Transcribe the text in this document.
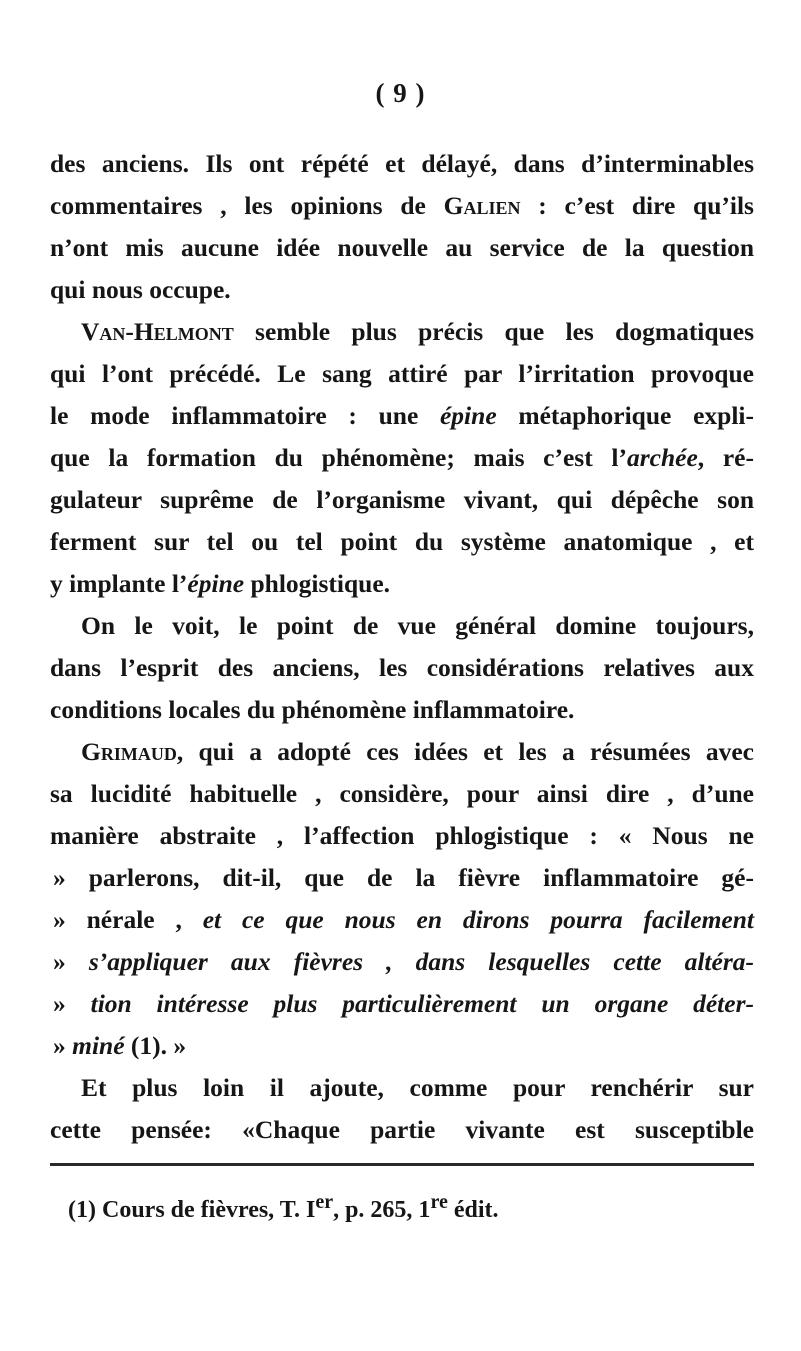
( 9 )
des anciens. Ils ont répété et délayé, dans d’interminables
commentaires , les opinions de Galien : c’est dire qu’ils
n’ont mis aucune idée nouvelle au service de la question
qui nous occupe.
Van-Helmont semble plus précis que les dogmatiques
qui l’ont précédé. Le sang attiré par l’irritation provoque
le mode inflammatoire : une épine métaphorique expli-
que la formation du phénomène; mais c’est l’archée, ré-
gulateur suprême de l’organisme vivant, qui dépêche son
ferment sur tel ou tel point du système anatomique , et
y implante l’épine phlogistique.
On le voit, le point de vue général domine toujours,
dans l’esprit des anciens, les considérations relatives aux
conditions locales du phénomène inflammatoire.
Grimaud, qui a adopté ces idées et les a résumées avec
sa lucidité habituelle , considère, pour ainsi dire , d’une
manière abstraite , l’affection phlogistique : « Nous ne
» parlerons, dit-il, que de la fièvre inflammatoire gé-
» nérale , et ce que nous en dirons pourra facilement
» s’appliquer aux fièvres , dans lesquelles cette altéra-
» tion intéresse plus particulièrement un organe déter-
» miné (1). »
Et plus loin il ajoute, comme pour renchérir sur
cette pensée: «Chaque partie vivante est susceptible
(1) Cours de fièvres, T. Ier, p. 265, 1re édit.
